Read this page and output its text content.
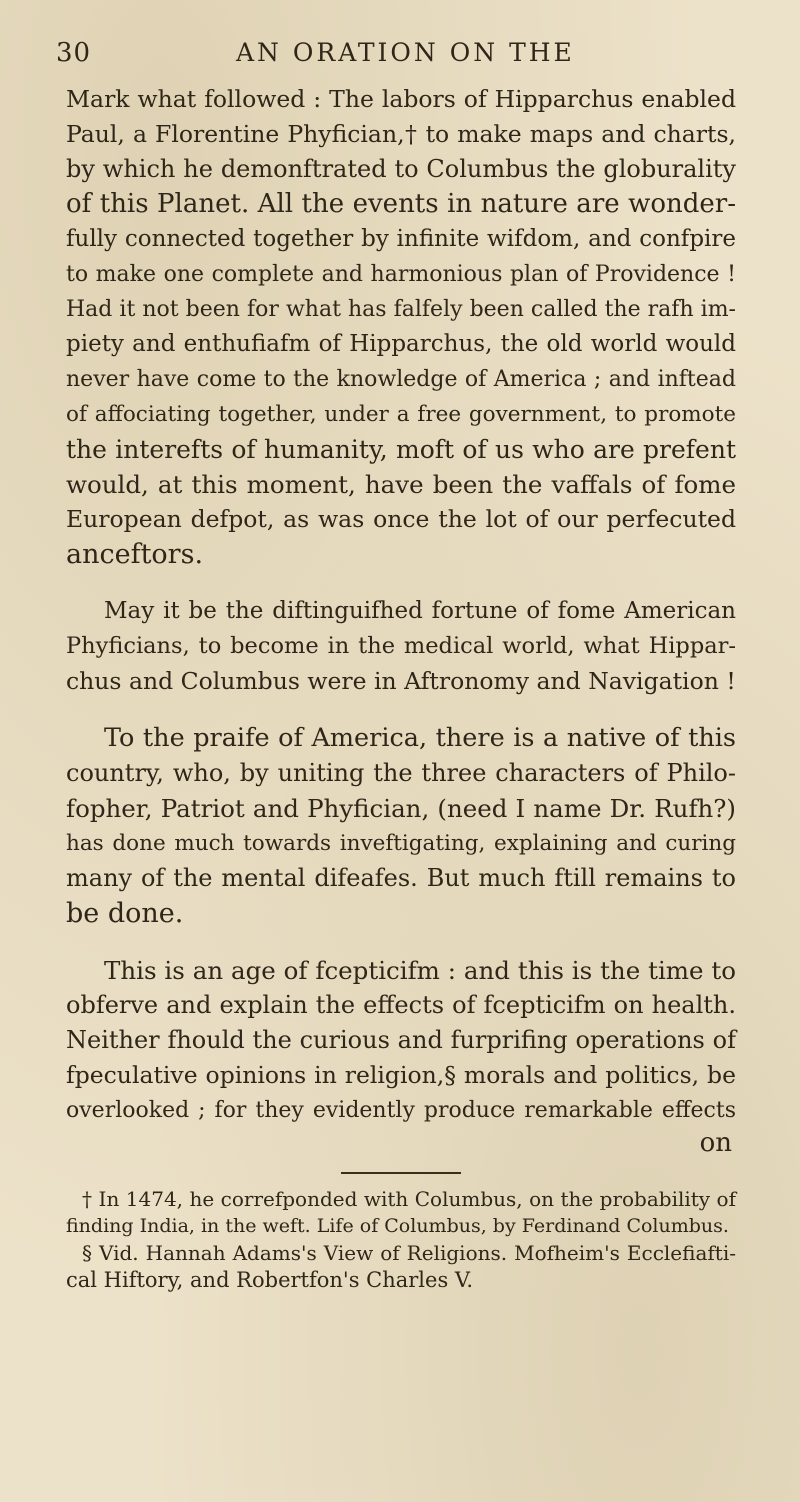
30	AN ORATION ON THE
Mark what followed : The labors of Hipparchus enabled
Paul, a Florentine Phyfician,† to make maps and charts,
by which he demonftrated to Columbus the globurality
of this Planet. All the events in nature are wonder-
fully connected together by infinite wifdom, and confpire
to make one complete and harmonious plan of Providence !
Had it not been for what has falfely been called the rafh im-
piety and enthufiafm of Hipparchus, the old world would
never have come to the knowledge of America ; and inftead
of affociating together, under a free government, to promote
the interefts of humanity, moft of us who are prefent
would, at this moment, have been the vaffals of fome
European defpot, as was once the lot of our perfecuted
anceftors.
May it be the diftinguifhed fortune of fome American
Phyficians, to become in the medical world, what Hippar-
chus and Columbus were in Aftronomy and Navigation !
To the praife of America, there is a native of this
country, who, by uniting the three characters of Philo-
fopher, Patriot and Phyfician, (need I name Dr. Rufh?)
has done much towards inveftigating, explaining and curing
many of the mental difeafes. But much ftill remains to
be done.
This is an age of fcepticifm : and this is the time to
obferve and explain the effects of fcepticifm on health.
Neither fhould the curious and furprifing operations of
fpeculative opinions in religion,§ morals and politics, be
overlooked ; for they evidently produce remarkable effects
on
† In 1474, he correfponded with Columbus, on the probability of
finding India, in the weft. Life of Columbus, by Ferdinand Columbus.
§ Vid. Hannah Adams's View of Religions. Mofheim's Ecclefiafti-
cal Hiftory, and Robertfon's Charles V.
